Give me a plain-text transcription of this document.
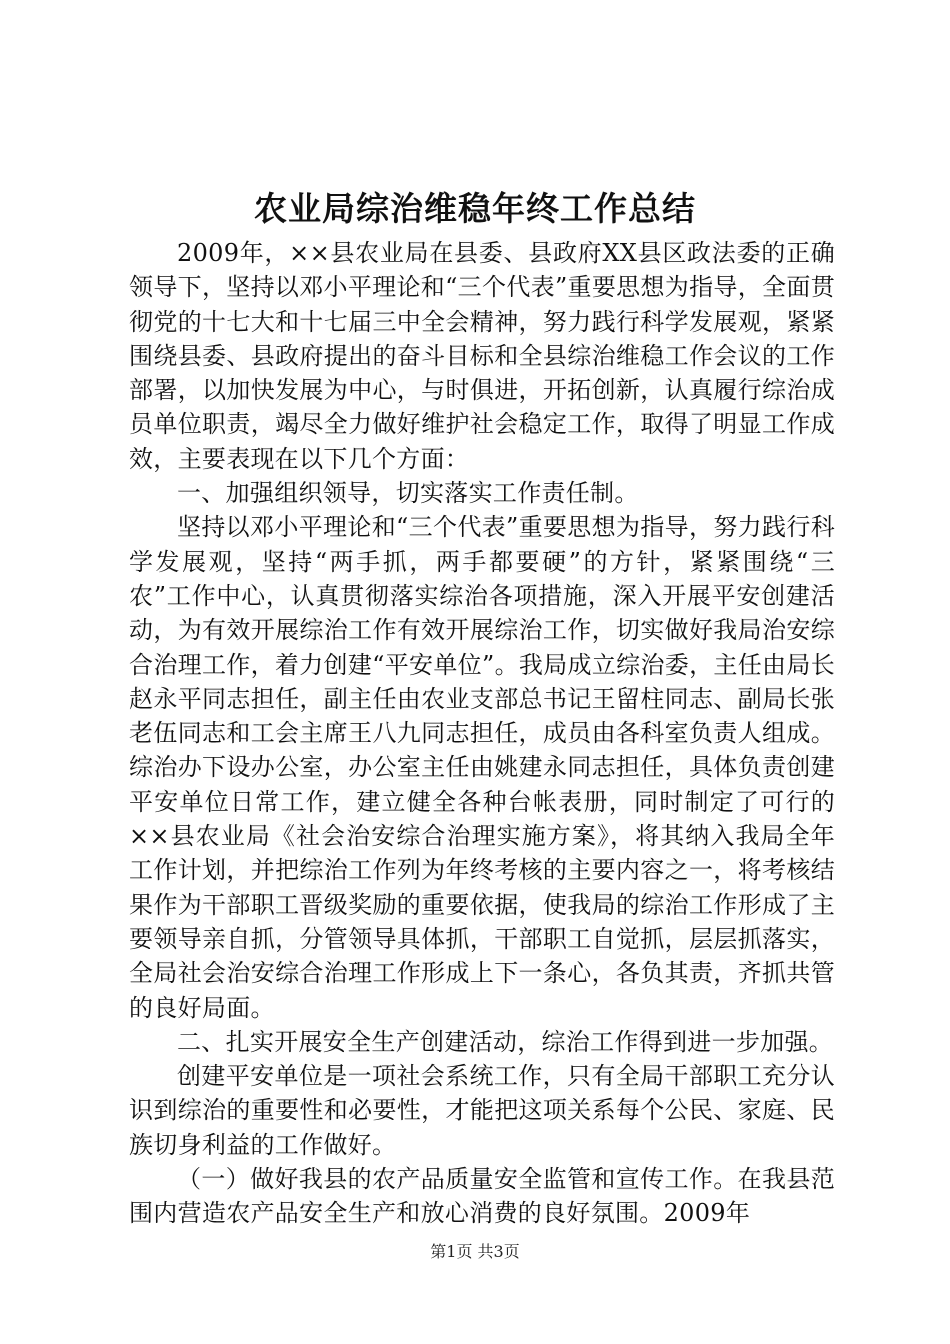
农业局综治维稳年终工作总结

2009年，××县农业局在县委、县政府XX县区政法委的正确领导下，坚持以邓小平理论和“三个代表”重要思想为指导，全面贯彻党的十七大和十七届三中全会精神，努力践行科学发展观，紧紧围绕县委、县政府提出的奋斗目标和全县综治维稳工作会议的工作部署，以加快发展为中心，与时俱进，开拓创新，认真履行综治成员单位职责，竭尽全力做好维护社会稳定工作，取得了明显工作成效，主要表现在以下几个方面：

一、加强组织领导，切实落实工作责任制。

坚持以邓小平理论和“三个代表”重要思想为指导，努力践行科学发展观，坚持“两手抓，两手都要硬”的方针，紧紧围绕“三农”工作中心，认真贯彻落实综治各项措施，深入开展平安创建活动，为有效开展综治工作有效开展综治工作，切实做好我局治安综合治理工作，着力创建“平安单位”。我局成立综治委，主任由局长赵永平同志担任，副主任由农业支部总书记王留柱同志、副局长张老伍同志和工会主席王八九同志担任，成员由各科室负责人组成。综治办下设办公室，办公室主任由姚建永同志担任，具体负责创建平安单位日常工作，建立健全各种台帐表册，同时制定了可行的××县农业局《社会治安综合治理实施方案》，将其纳入我局全年工作计划，并把综治工作列为年终考核的主要内容之一，将考核结果作为干部职工晋级奖励的重要依据，使我局的综治工作形成了主要领导亲自抓，分管领导具体抓，干部职工自觉抓，层层抓落实，全局社会治安综合治理工作形成上下一条心，各负其责，齐抓共管的良好局面。

二、扎实开展安全生产创建活动，综治工作得到进一步加强。

创建平安单位是一项社会系统工作，只有全局干部职工充分认识到综治的重要性和必要性，才能把这项关系每个公民、家庭、民族切身利益的工作做好。

（一）做好我县的农产品质量安全监管和宣传工作。在我县范围内营造农产品安全生产和放心消费的良好氛围。2009年

第1页 共3页
